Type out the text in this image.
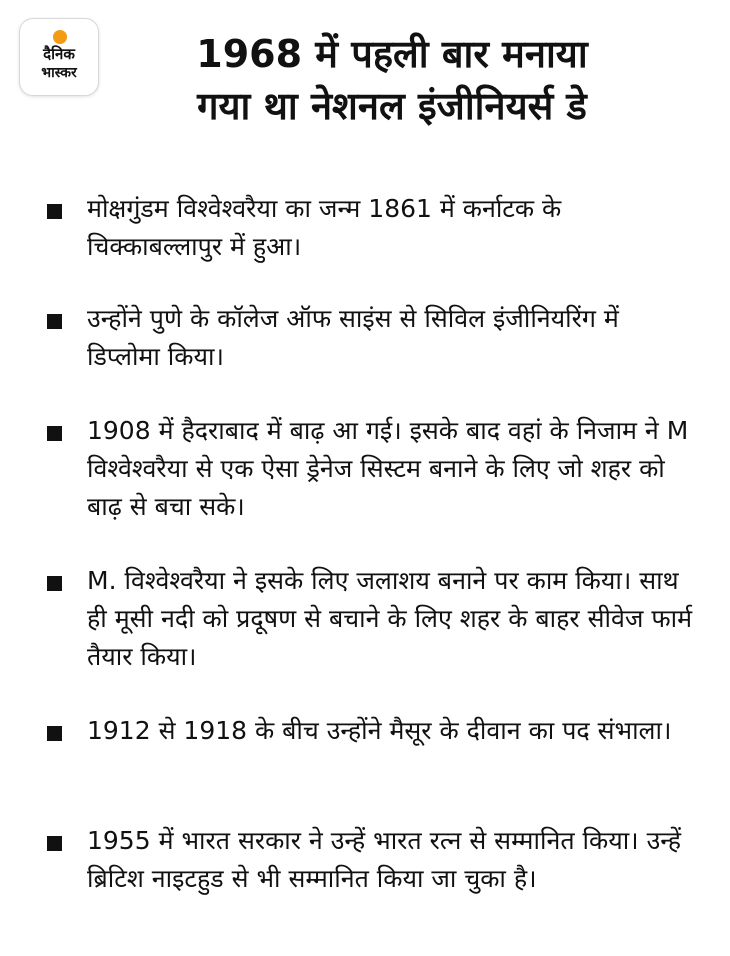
दैनिक
भास्कर	1968 में पहली बार मनाया
गया था नेशनल इंजीनियर्स डे
मोक्षगुंडम विश्वेश्वरैया का जन्म 1861 में कर्नाटक के चिक्काबल्लापुर में हुआ।
उन्होंने पुणे के कॉलेज ऑफ साइंस से सिविल इंजीनियरिंग में डिप्लोमा किया।
1908 में हैदराबाद में बाढ़ आ गई। इसके बाद वहां के निजाम ने M विश्वेश्वरैया से एक ऐसा ड्रेनेज सिस्टम बनाने के लिए जो शहर को बाढ़ से बचा सके।
M. विश्वेश्वरैया ने इसके लिए जलाशय बनाने पर काम किया। साथ ही मूसी नदी को प्रदूषण से बचाने के लिए शहर के बाहर सीवेज फार्म तैयार किया।
1912 से 1918 के बीच उन्होंने मैसूर के दीवान का पद संभाला।
1955 में भारत सरकार ने उन्हें भारत रत्न से सम्मानित किया। उन्हें ब्रिटिश नाइटहुड से भी सम्मानित किया जा चुका है।
